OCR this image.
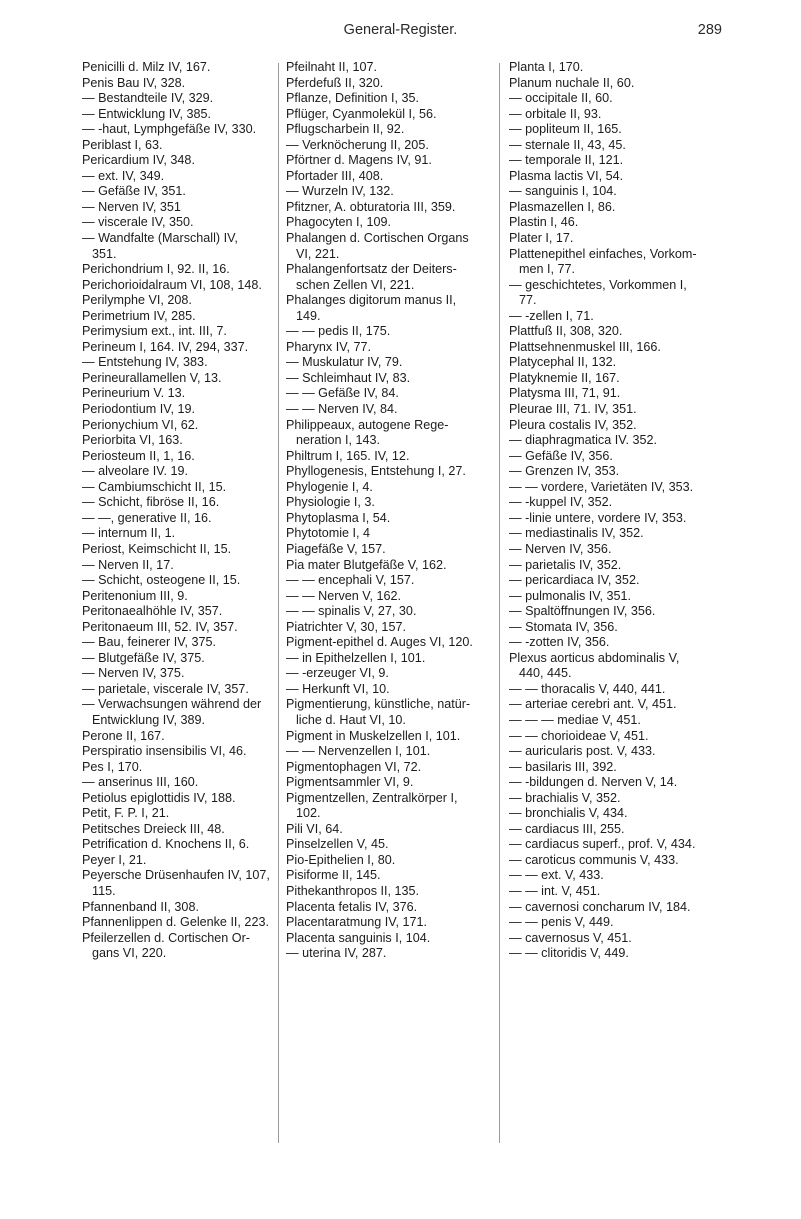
General-Register.	289
Penicilli d. Milz IV, 167.
Penis Bau IV, 328.
— Bestandteile IV, 329.
— Entwicklung IV, 385.
— -haut, Lymphgefäße IV, 330.
Periblast I, 63.
Pericardium IV, 348.
— ext. IV, 349.
— Gefäße IV, 351.
— Nerven IV, 351
— viscerale IV, 350.
— Wandfalte (Marschall) IV,
351.
Perichondrium I, 92. II, 16.
Perichorioidalraum VI, 108, 148.
Perilymphe VI, 208.
Perimetrium IV, 285.
Perimysium ext., int. III, 7.
Perineum I, 164. IV, 294, 337.
— Entstehung IV, 383.
Perineurallamellen V, 13.
Perineurium V. 13.
Periodontium IV, 19.
Perionychium VI, 62.
Periorbita VI, 163.
Periosteum II, 1, 16.
— alveolare IV. 19.
— Cambiumschicht II, 15.
— Schicht, fibröse II, 16.
— —, generative II, 16.
— internum II, 1.
Periost, Keimschicht II, 15.
— Nerven II, 17.
— Schicht, osteogene II, 15.
Peritenonium III, 9.
Peritonaealhöhle IV, 357.
Peritonaeum III, 52. IV, 357.
— Bau, feinerer IV, 375.
— Blutgefäße IV, 375.
— Nerven IV, 375.
— parietale, viscerale IV, 357.
— Verwachsungen während der
Entwicklung IV, 389.
Perone II, 167.
Perspiratio insensibilis VI, 46.
Pes I, 170.
— anserinus III, 160.
Petiolus epiglottidis IV, 188.
Petit, F. P. I, 21.
Petitsches Dreieck III, 48.
Petrification d. Knochens II, 6.
Peyer I, 21.
Peyersche Drüsenhaufen IV, 107,
115.
Pfannenband II, 308.
Pfannenlippen d. Gelenke II, 223.
Pfeilerzellen d. Cortischen Or-
gans VI, 220.
Pfeilnaht II, 107.
Pferdefuß II, 320.
Pflanze, Definition I, 35.
Pflüger, Cyanmolekül I, 56.
Pflugscharbein II, 92.
— Verknöcherung II, 205.
Pförtner d. Magens IV, 91.
Pfortader III, 408.
— Wurzeln IV, 132.
Pfitzner, A. obturatoria III, 359.
Phagocyten I, 109.
Phalangen d. Cortischen Organs
VI, 221.
Phalangenfortsatz der Deiters-
schen Zellen VI, 221.
Phalanges digitorum manus II,
149.
— — pedis II, 175.
Pharynx IV, 77.
— Muskulatur IV, 79.
— Schleimhaut IV, 83.
— — Gefäße IV, 84.
— — Nerven IV, 84.
Philippeaux, autogene Rege-
neration I, 143.
Philtrum I, 165. IV, 12.
Phyllogenesis, Entstehung I, 27.
Phylogenie I, 4.
Physiologie I, 3.
Phytoplasma I, 54.
Phytotomie I, 4
Piagefäße V, 157.
Pia mater Blutgefäße V, 162.
— — encephali V, 157.
— — Nerven V, 162.
— — spinalis V, 27, 30.
Piatrichter V, 30, 157.
Pigment-epithel d. Auges VI, 120.
— in Epithelzellen I, 101.
— -erzeuger VI, 9.
— Herkunft VI, 10.
Pigmentierung, künstliche, natür-
liche d. Haut VI, 10.
Pigment in Muskelzellen I, 101.
— — Nervenzellen I, 101.
Pigmentophagen VI, 72.
Pigmentsammler VI, 9.
Pigmentzellen, Zentralkörper I,
102.
Pili VI, 64.
Pinselzellen V, 45.
Pio-Epithelien I, 80.
Pisiforme II, 145.
Pithekanthropos II, 135.
Placenta fetalis IV, 376.
Placentaratmung IV, 171.
Placenta sanguinis I, 104.
— uterina IV, 287.
Planta I, 170.
Planum nuchale II, 60.
— occipitale II, 60.
— orbitale II, 93.
— popliteum II, 165.
— sternale II, 43, 45.
— temporale II, 121.
Plasma lactis VI, 54.
— sanguinis I, 104.
Plasmazellen I, 86.
Plastin I, 46.
Plater I, 17.
Plattenepithel einfaches, Vorkom-
men I, 77.
— geschichtetes, Vorkommen I,
77.
— -zellen I, 71.
Plattfuß II, 308, 320.
Plattsehnenmuskel III, 166.
Platycephal II, 132.
Platyknemie II, 167.
Platysma III, 71, 91.
Pleurae III, 71. IV, 351.
Pleura costalis IV, 352.
— diaphragmatica IV. 352.
— Gefäße IV, 356.
— Grenzen IV, 353.
— — vordere, Varietäten IV, 353.
— -kuppel IV, 352.
— -linie untere, vordere IV, 353.
— mediastinalis IV, 352.
— Nerven IV, 356.
— parietalis IV, 352.
— pericardiaca IV, 352.
— pulmonalis IV, 351.
— Spaltöffnungen IV, 356.
— Stomata IV, 356.
— -zotten IV, 356.
Plexus aorticus abdominalis V,
440, 445.
— — thoracalis V, 440, 441.
— arteriae cerebri ant. V, 451.
— — — mediae V, 451.
— — chorioideae V, 451.
— auricularis post. V, 433.
— basilaris III, 392.
— -bildungen d. Nerven V, 14.
— brachialis V, 352.
— bronchialis V, 434.
— cardiacus III, 255.
— cardiacus superf., prof. V, 434.
— caroticus communis V, 433.
— — ext. V, 433.
— — int. V, 451.
— cavernosi concharum IV, 184.
— — penis V, 449.
— cavernosus V, 451.
— — clitoridis V, 449.
